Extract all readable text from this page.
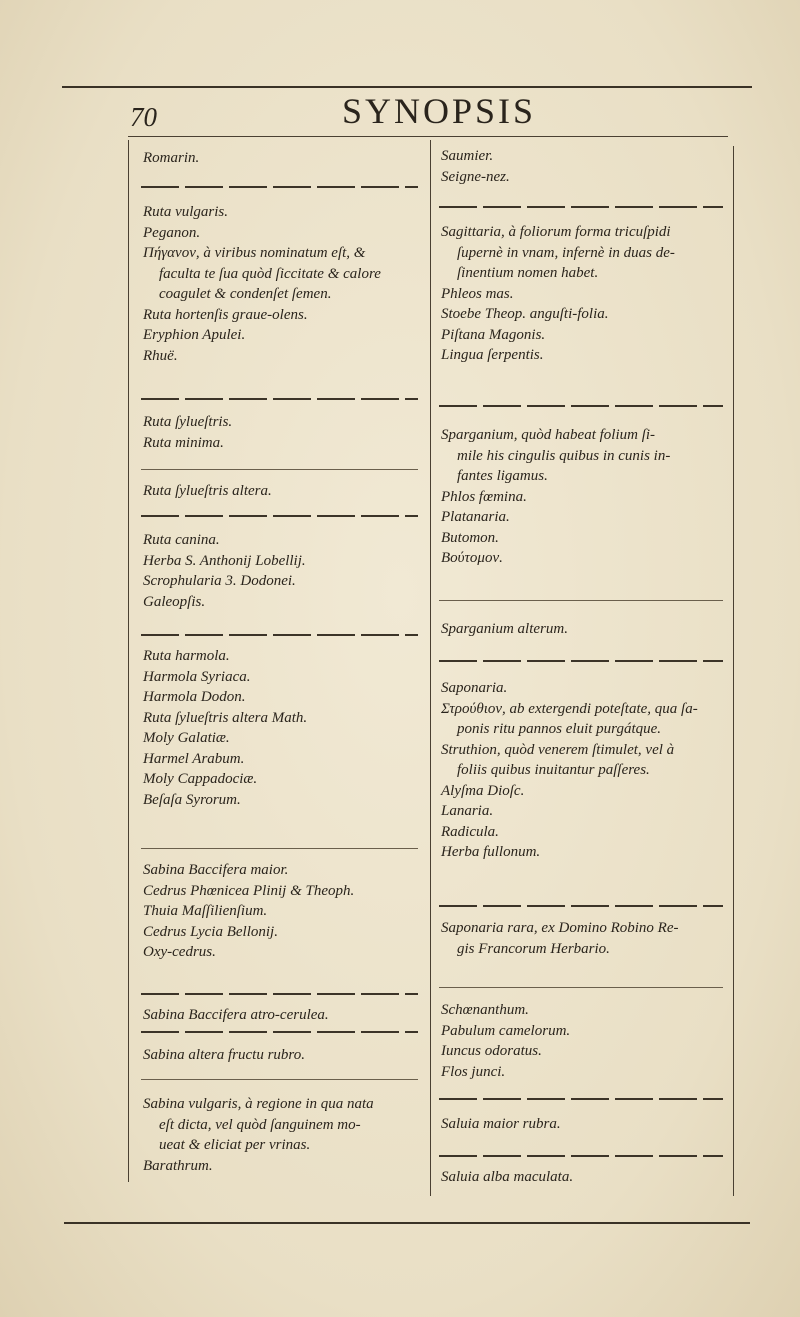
70	SYNOPSIS
Romarin.
Ruta vulgaris.
Peganon.
Πήγανον, à viribus nominatum eſt, &
faculta te ſua quòd ſiccitate & calore
coagulet & condenſet ſemen.
Ruta hortenſis graue-olens.
Eryphion Apulei.
Rhuë.
Ruta ſylueſtris.
Ruta minima.
Ruta ſylueſtris altera.
Ruta canina.
Herba S. Anthonij Lobellij.
Scrophularia 3. Dodonei.
Galeopſis.
Ruta harmola.
Harmola Syriaca.
Harmola Dodon.
Ruta ſylueſtris altera Math.
Moly Galatiæ.
Harmel Arabum.
Moly Cappadociæ.
Beſaſa Syrorum.
Sabina Baccifera maior.
Cedrus Phœnicea Plinij & Theoph.
Thuia Maſſilienſium.
Cedrus Lycia Bellonij.
Oxy-cedrus.
Sabina Baccifera atro-cerulea.
Sabina altera fructu rubro.
Sabina vulgaris, à regione in qua nata
eſt dicta, vel quòd ſanguinem mo-
ueat & eliciat per vrinas.
Barathrum.
Saumier.
Seigne-nez.
Sagittaria, à foliorum forma tricuſpidi
ſupernè in vnam, infernè in duas de-
ſinentium nomen habet.
Phleos mas.
Stoebe Theop. anguſti-folia.
Piſtana Magonis.
Lingua ſerpentis.
Sparganium, quòd habeat folium ſi-
mile his cingulis quibus in cunis in-
fantes ligamus.
Phlos fœmina.
Platanaria.
Butomon.
Βούτομον.
Sparganium alterum.
Saponaria.
Στρούθιον, ab extergendi poteſtate, qua ſa-
ponis ritu pannos eluit purgátque.
Struthion, quòd venerem ſtimulet, vel à
foliis quibus inuitantur paſſeres.
Alyſma Dioſc.
Lanaria.
Radicula.
Herba fullonum.
Saponaria rara, ex Domino Robino Re-
gis Francorum Herbario.
Schœnanthum.
Pabulum camelorum.
Iuncus odoratus.
Flos junci.
Saluia maior rubra.
Saluia alba maculata.
